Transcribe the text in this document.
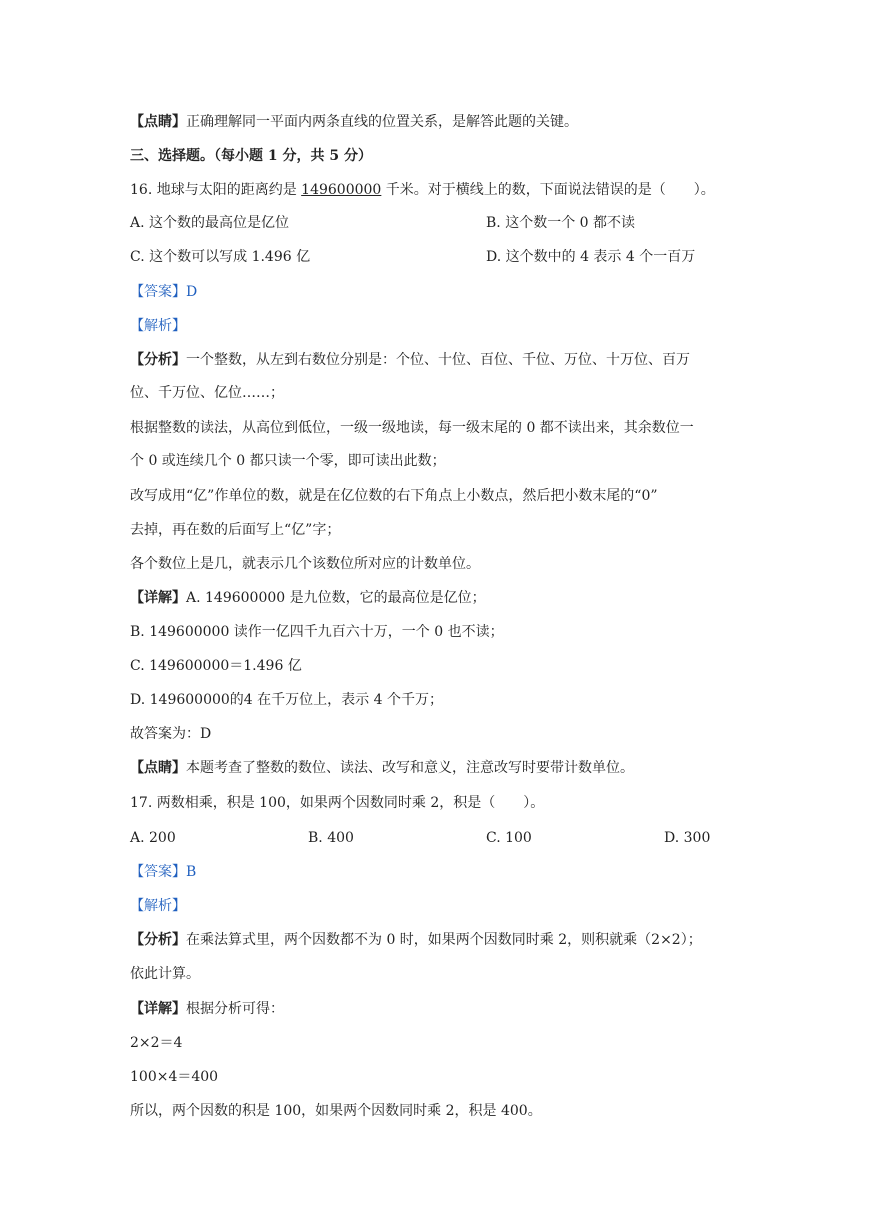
【点睛】正确理解同一平面内两条直线的位置关系，是解答此题的关键。
三、选择题。（每小题 1 分，共 5 分）
16. 地球与太阳的距离约是 149600000 千米。对于横线上的数，下面说法错误的是（　　）。
A. 这个数的最高位是亿位	B. 这个数一个 0 都不读
C. 这个数可以写成 1.496 亿	D. 这个数中的 4 表示 4 个一百万
【答案】D
【解析】
【分析】一个整数，从左到右数位分别是：个位、十位、百位、千位、万位、十万位、百万
位、千万位、亿位……；
根据整数的读法，从高位到低位，一级一级地读，每一级末尾的 0 都不读出来，其余数位一
个 0 或连续几个 0 都只读一个零，即可读出此数；
改写成用“亿”作单位的数，就是在亿位数的右下角点上小数点，然后把小数末尾的“0”
去掉，再在数的后面写上“亿”字；
各个数位上是几，就表示几个该数位所对应的计数单位。
【详解】A. 149600000 是九位数，它的最高位是亿位；
B. 149600000 读作一亿四千九百六十万，一个 0 也不读；
C. 149600000＝1.496 亿
D. 149600000的4 在千万位上，表示 4 个千万；
故答案为：D
【点睛】本题考查了整数的数位、读法、改写和意义，注意改写时要带计数单位。
17. 两数相乘，积是 100，如果两个因数同时乘 2，积是（　　）。
A. 200	B. 400	C. 100	D. 300
【答案】B
【解析】
【分析】在乘法算式里，两个因数都不为 0 时，如果两个因数同时乘 2，则积就乘（2×2）；
依此计算。
【详解】根据分析可得：
2×2＝4
100×4＝400
所以，两个因数的积是 100，如果两个因数同时乘 2，积是 400。
